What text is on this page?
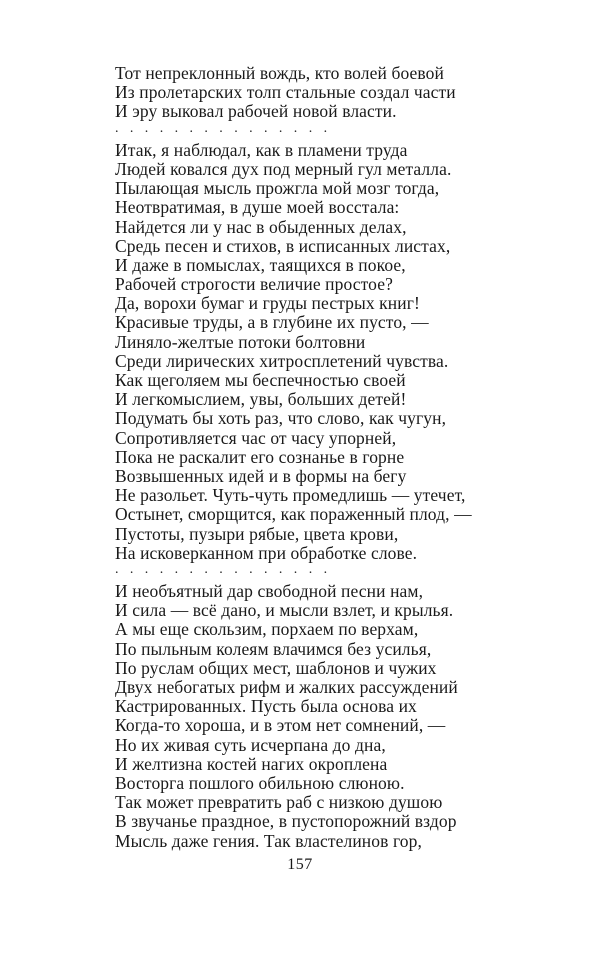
Тот непреклонный вождь, кто волей боевой
Из пролетарских толп стальные создал части
И эру выковал рабочей новой власти.
...............
Итак, я наблюдал, как в пламени труда
Людей ковался дух под мерный гул металла.
Пылающая мысль прожгла мой мозг тогда,
Неотвратимая, в душе моей восстала:
Найдется ли у нас в обыденных делах,
Средь песен и стихов, в исписанных листах,
И даже в помыслах, таящихся в покое,
Рабочей строгости величие простое?
Да, ворохи бумаг и груды пестрых книг!
Красивые труды, а в глубине их пусто, —
Линяло-желтые потоки болтовни
Среди лирических хитросплетений чувства.
Как щеголяем мы беспечностью своей
И легкомыслием, увы, больших детей!
Подумать бы хоть раз, что слово, как чугун,
Сопротивляется час от часу упорней,
Пока не раскалит его сознанье в горне
Возвышенных идей и в формы на бегу
Не разольет. Чуть-чуть промедлишь — утечет,
Остынет, сморщится, как пораженный плод, —
Пустоты, пузыри рябые, цвета крови,
На исковерканном при обработке слове.
...............
И необъятный дар свободной песни нам,
И сила — всё дано, и мысли взлет, и крылья.
А мы еще скользим, порхаем по верхам,
По пыльным колеям влачимся без усилья,
По руслам общих мест, шаблонов и чужих
Двух небогатых рифм и жалких рассуждений
Кастрированных. Пусть была основа их
Когда-то хороша, и в этом нет сомнений, —
Но их живая суть исчерпана до дна,
И желтизна костей нагих окроплена
Восторга пошлого обильною слюною.
Так может превратить раб с низкою душою
В звучанье праздное, в пустопорожний вздор
Мысль даже гения. Так властелинов гор,
157
